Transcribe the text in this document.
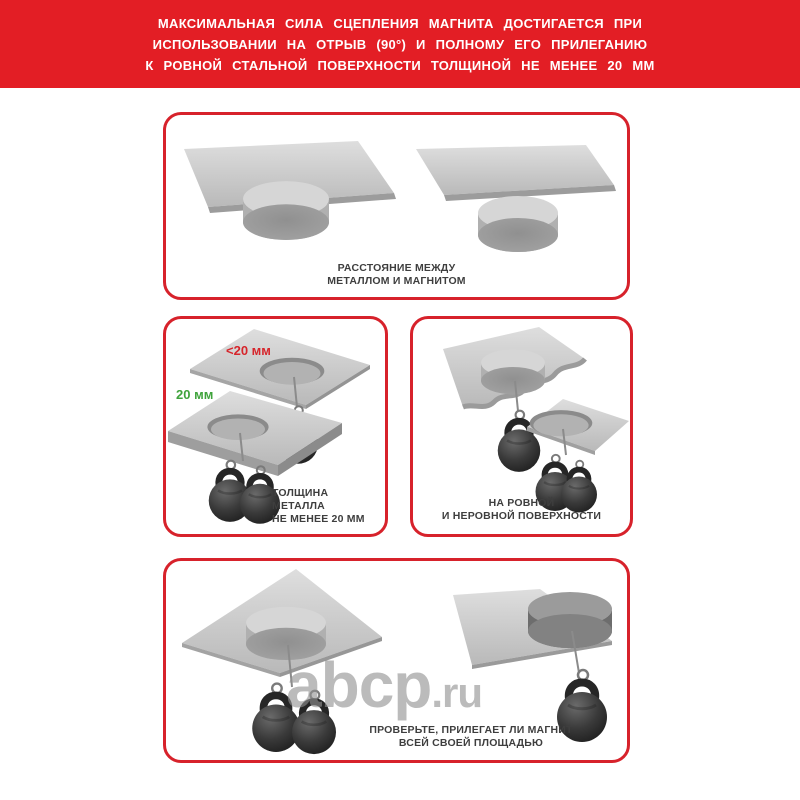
МАКСИМАЛЬНАЯ СИЛА СЦЕПЛЕНИЯ МАГНИТА ДОСТИГАЕТСЯ ПРИ
ИСПОЛЬЗОВАНИИ НА ОТРЫВ (90°) И ПОЛНОМУ ЕГО ПРИЛЕГАНИЮ
К РОВНОЙ СТАЛЬНОЙ ПОВЕРХНОСТИ ТОЛЩИНОЙ НЕ МЕНЕЕ 20 ММ
РАССТОЯНИЕ МЕЖДУ
МЕТАЛЛОМ И МАГНИТОМ
<20 мм
20 мм
ТОЛЩИНА
МЕТАЛЛА
НЕ МЕНЕЕ 20 ММ
НА РОВНОЙ
И НЕРОВНОЙ ПОВЕРХНОСТИ
ПРОВЕРЬТЕ, ПРИЛЕГАЕТ ЛИ МАГНИТ
ВСЕЙ СВОЕЙ ПЛОЩАДЬЮ
abcp.ru
